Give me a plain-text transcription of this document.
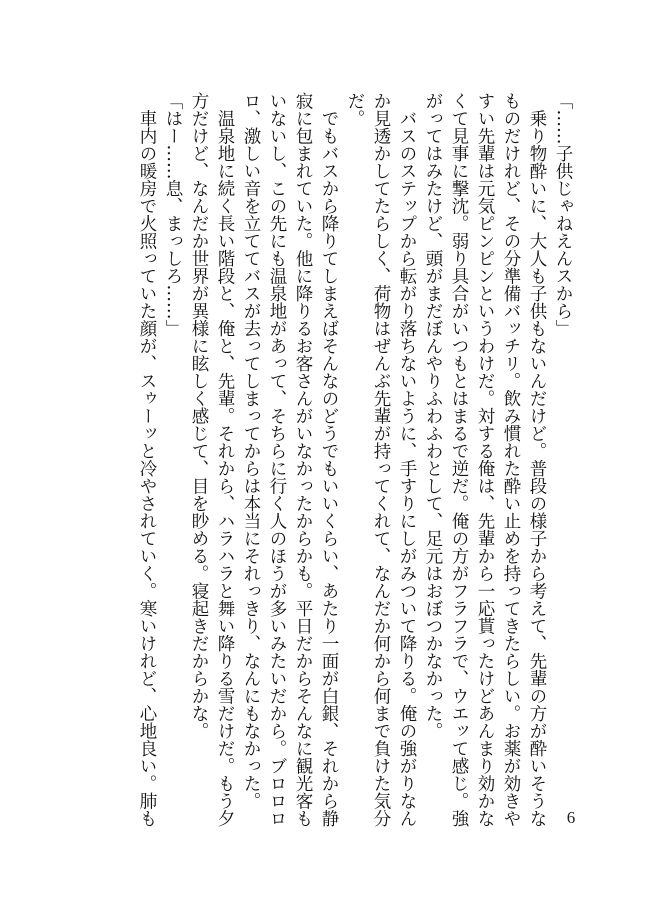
「……子供じゃねえんスから」

　乗り物酔いに、大人も子供もないんだけど。普段の様子から考えて、先輩の方が酔いそうな

ものだけれど、その分準備バッチリ。飲み慣れた酔い止めを持ってきたらしい。お薬が効きや

すい先輩は元気ピンピンというわけだ。対する俺は、先輩から一応貰ったけどあんまり効かな

くて見事に撃沈。弱り具合がいつもとはまるで逆だ。俺の方がフラフラで、ウエッて感じ。強

がってはみたけど、頭がまだぼんやりふわふわとして、足元はおぼつかなかった。

　バスのステップから転がり落ちないように、手すりにしがみついて降りる。俺の強がりなん

か見透かしてたらしく、荷物はぜんぶ先輩が持ってくれて、なんだか何から何まで負けた気分

だ。

　でもバスから降りてしまえばそんなのどうでもいいくらい、あたり一面が白銀、それから静

寂に包まれていた。他に降りるお客さんがいなかったからかも。平日だからそんなに観光客も

いないし、この先にも温泉地があって、そちらに行く人のほうが多いみたいだから。ブロロロ

ロ、激しい音を立ててバスが去ってしまってからは本当にそれっきり、なんにもなかった。

　温泉地に続く長い階段と、俺と、先輩。それから、ハラハラと舞い降りる雪だけだ。もう夕

方だけど、なんだか世界が異様に眩しく感じて、目を眇める。寝起きだからかな。

「はー……息、まっしろ……」

　車内の暖房で火照っていた顔が、スゥーッと冷やされていく。寒いけれど、心地良い。肺も	6
